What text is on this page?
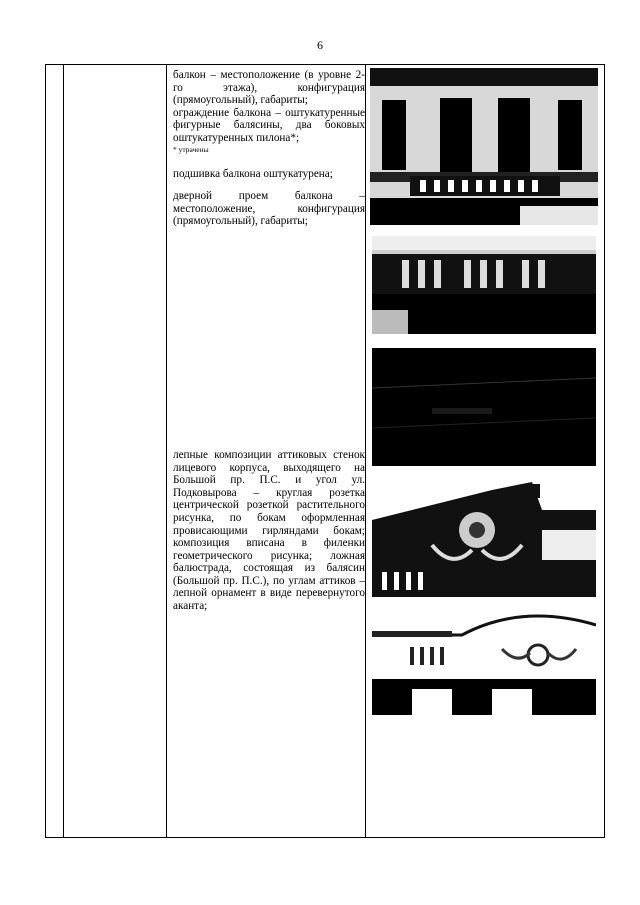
6

балкон – местоположение (в уровне 2-го этажа), конфигурация (прямоугольный), габариты;

ограждение балкона – оштукатуренные фигурные балясины, два боковых оштукатуренных пилона*;

* утрачены

подшивка балкона оштукатурена;

дверной проем балкона – местоположение, конфигурация (прямоугольный), габариты;

лепные композиции аттиковых стенок лицевого корпуса, выходящего на Большой пр. П.С. и угол ул. Подковырова – круглая розетка центрической розеткой растительного рисунка, по бокам оформленная провисающими гирляндами бокам; композиция вписана в филенки геометрического рисунка; ложная балюстрада, состоящая из балясин (Большой пр. П.С.), по углам аттиков – лепной орнамент в виде перевернутого аканта;
